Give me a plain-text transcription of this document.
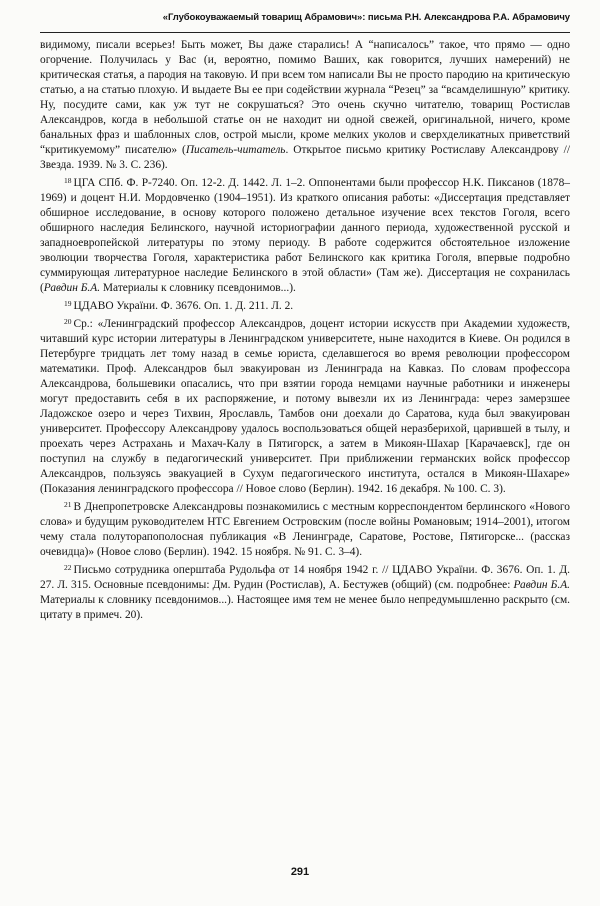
«Глубокоуважаемый товарищ Абрамович»: письма Р.Н. Александрова Р.А. Абрамовичу

видимому, писали всерьез! Быть может, Вы даже старались! А “написалось” такое, что прямо — одно огорчение. Получилась у Вас (и, вероятно, помимо Ваших, как говорится, лучших намерений) не критическая статья, а пародия на таковую. И при всем том написали Вы не просто пародию на критическую статью, а на статью плохую. И выдаете Вы ее при содействии журнала “Резец” за “всамделишную” критику. Ну, посудите сами, как уж тут не сокрушаться? Это очень скучно читателю, товарищ Ростислав Александров, когда в небольшой статье он не находит ни одной свежей, оригинальной, ничего, кроме банальных фраз и шаблонных слов, острой мысли, кроме мелких уколов и сверхделикатных приветствий “критикуемому” писателю» (Писатель-читатель. Открытое письмо критику Ростиславу Александрову // Звезда. 1939. № 3. С. 236).

$^{18}$ ЦГА СПб. Ф. Р-7240. Оп. 12-2. Д. 1442. Л. 1–2. Оппонентами были профессор Н.К. Пиксанов (1878–1969) и доцент Н.И. Мордовченко (1904–1951). Из краткого описания работы: «Диссертация представляет обширное исследование, в основу которого положено детальное изучение всех текстов Гоголя, всего обширного наследия Белинского, научной историографии данного периода, художественной русской и западноевропейской литературы по этому периоду. В работе содержится обстоятельное изложение эволюции творчества Гоголя, характеристика работ Белинского как критика Гоголя, впервые подробно суммирующая литературное наследие Белинского в этой области» (Там же). Диссертация не сохранилась (Равдин Б.А. Материалы к словнику псевдонимов...).

$^{19}$ ЦДАВО України. Ф. 3676. Оп. 1. Д. 211. Л. 2.

$^{20}$ Ср.: «Ленинградский профессор Александров, доцент истории искусств при Академии художеств, читавший курс истории литературы в Ленинградском университете, ныне находится в Киеве. Он родился в Петербурге тридцать лет тому назад в семье юриста, сделавшегося во время революции профессором математики. Проф. Александров был эвакуирован из Ленинграда на Кавказ. По словам профессора Александрова, большевики опасались, что при взятии города немцами научные работники и инженеры могут предоставить себя в их распоряжение, и потому вывезли их из Ленинграда: через замерзшее Ладожское озеро и через Тихвин, Ярославль, Тамбов они доехали до Саратова, куда был эвакуирован университет. Профессору Александрову удалось воспользоваться общей неразберихой, царившей в тылу, и проехать через Астрахань и Махач-Калу в Пятигорск, а затем в Микоян-Шахар [Карачаевск], где он поступил на службу в педагогический университет. При приближении германских войск профессор Александров, пользуясь эвакуацией в Сухум педагогического института, остался в Микоян-Шахаре» (Показания ленинградского профессора // Новое слово (Берлин). 1942. 16 декабря. № 100. С. 3).

$^{21}$ В Днепропетровске Александровы познакомились с местным корреспондентом берлинского «Нового слова» и будущим руководителем НТС Евгением Островским (после войны Романовым; 1914–2001), итогом чему стала полуторапополосная публикация «В Ленинграде, Саратове, Ростове, Пятигорске... (рассказ очевидца)» (Новое слово (Берлин). 1942. 15 ноября. № 91. С. 3–4).

$^{22}$ Письмо сотрудника оперштаба Рудольфа от 14 ноября 1942 г. // ЦДАВО України. Ф. 3676. Оп. 1. Д. 27. Л. 315. Основные псевдонимы: Дм. Рудин (Ростислав), А. Бестужев (общий) (см. подробнее: Равдин Б.А. Материалы к словнику псевдонимов...). Настоящее имя тем не менее было непредумышленно раскрыто (см. цитату в примеч. 20).

291
